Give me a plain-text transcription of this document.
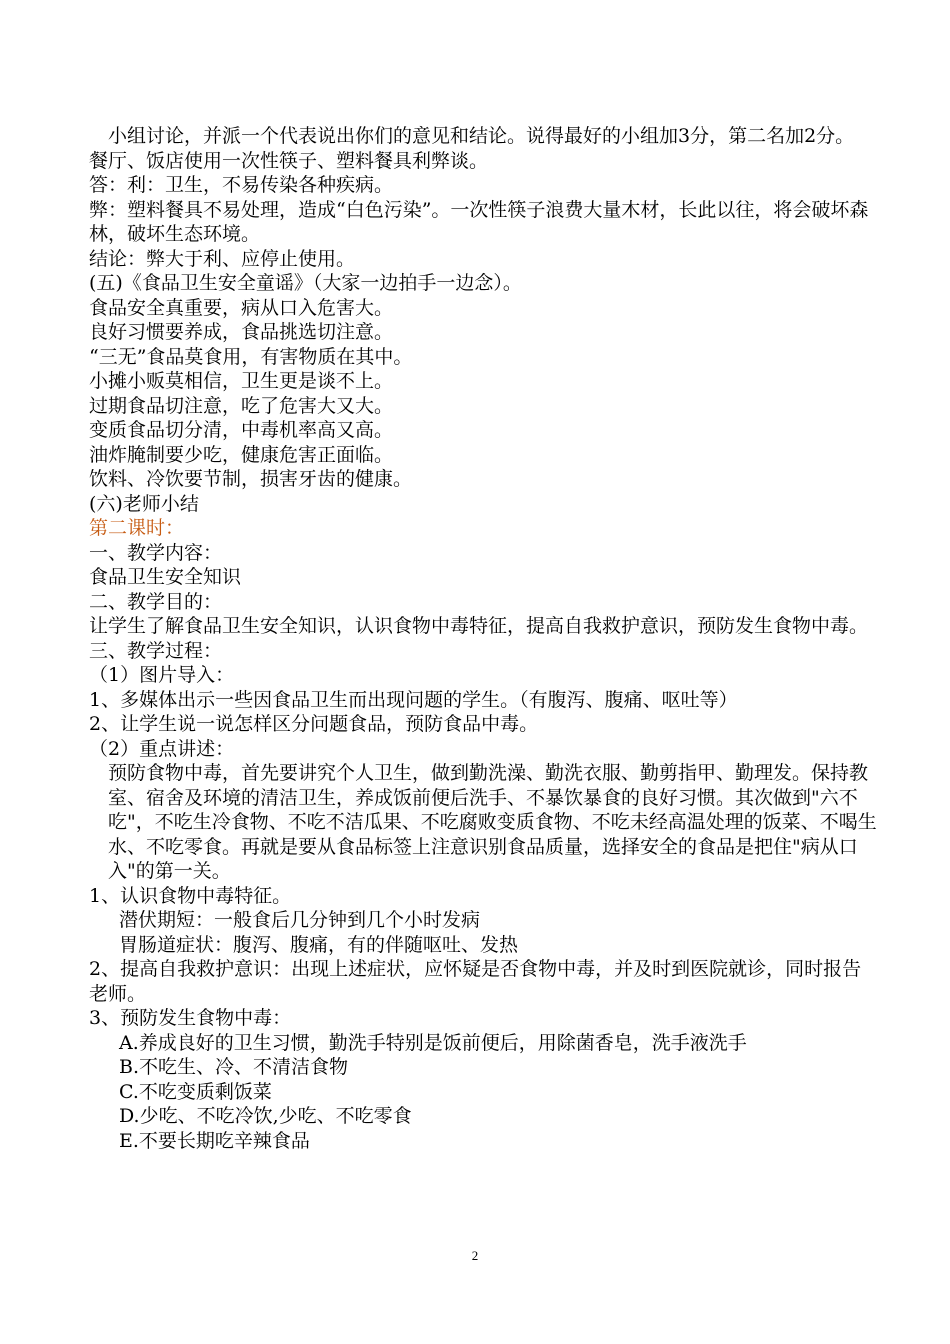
小组讨论，并派一个代表说出你们的意见和结论。说得最好的小组加3分，第二名加2分。
餐厅、饭店使用一次性筷子、塑料餐具利弊谈。
答：利：卫生，不易传染各种疾病。
弊：塑料餐具不易处理，造成“白色污染”。一次性筷子浪费大量木材，长此以往，将会破坏森林，破坏生态环境。
结论：弊大于利、应停止使用。
(五)《食品卫生安全童谣》（大家一边拍手一边念）。
食品安全真重要，病从口入危害大。
良好习惯要养成，食品挑选切注意。
“三无”食品莫食用，有害物质在其中。
小摊小贩莫相信，卫生更是谈不上。
过期食品切注意，吃了危害大又大。
变质食品切分清，中毒机率高又高。
油炸腌制要少吃，健康危害正面临。
饮料、冷饮要节制，损害牙齿的健康。
(六)老师小结
第二课时：
一、教学内容：
食品卫生安全知识
二、教学目的：
让学生了解食品卫生安全知识，认识食物中毒特征，提高自我救护意识，预防发生食物中毒。
三、教学过程：
（1）图片导入：
1、多媒体出示一些因食品卫生而出现问题的学生。（有腹泻、腹痛、呕吐等）
2、让学生说一说怎样区分问题食品，预防食品中毒。
（2）重点讲述：
预防食物中毒，首先要讲究个人卫生，做到勤洗澡、勤洗衣服、勤剪指甲、勤理发。保持教室、宿舍及环境的清洁卫生，养成饭前便后洗手、不暴饮暴食的良好习惯。其次做到"六不吃"，不吃生冷食物、不吃不洁瓜果、不吃腐败变质食物、不吃未经高温处理的饭菜、不喝生水、不吃零食。再就是要从食品标签上注意识别食品质量，选择安全的食品是把住"病从口入"的第一关。
1、认识食物中毒特征。
潜伏期短：一般食后几分钟到几个小时发病
胃肠道症状：腹泻、腹痛，有的伴随呕吐、发热
2、提高自我救护意识：出现上述症状，应怀疑是否食物中毒，并及时到医院就诊，同时报告老师。
3、预防发生食物中毒：
A.养成良好的卫生习惯，勤洗手特别是饭前便后，用除菌香皂，洗手液洗手
B.不吃生、冷、不清洁食物
C.不吃变质剩饭菜
D.少吃、不吃冷饮,少吃、不吃零食
E.不要长期吃辛辣食品
2
